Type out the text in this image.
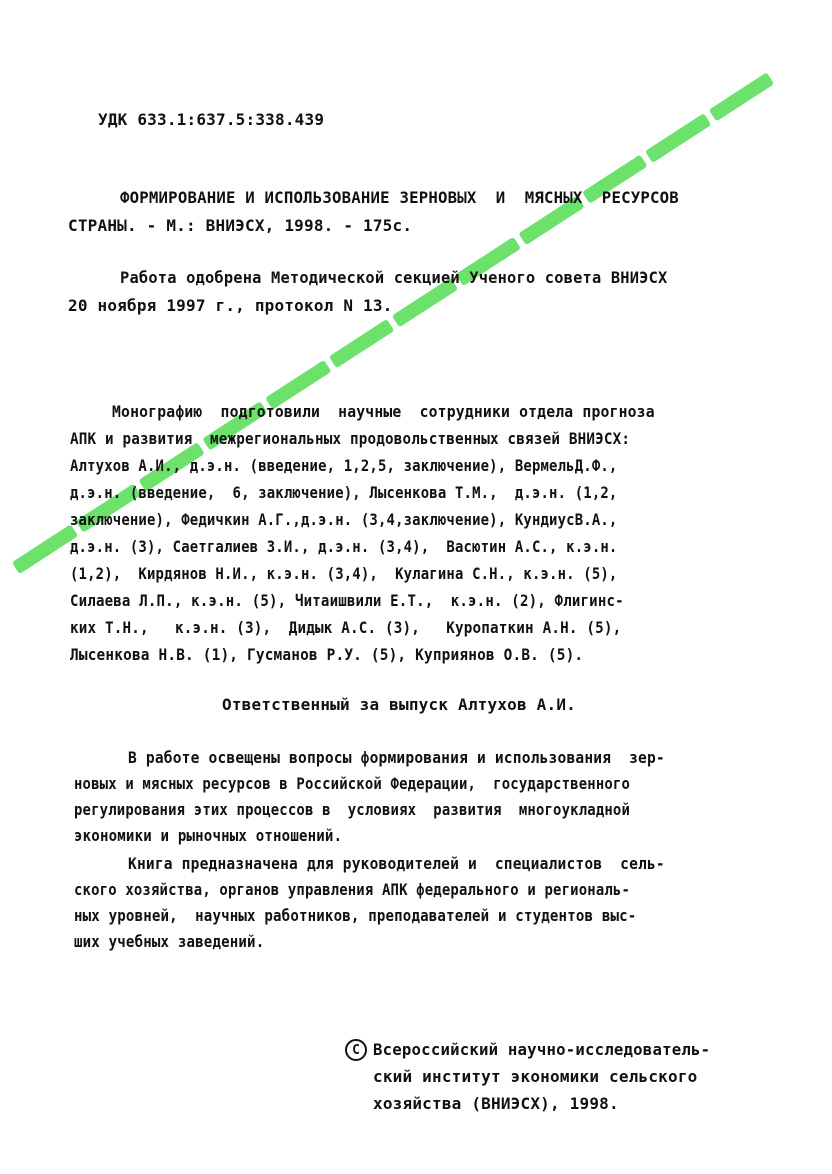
УДК 633.1:637.5:338.439
ФОРМИРОВАНИЕ И ИСПОЛЬЗОВАНИЕ ЗЕРНОВЫХ  И  МЯСНЫХ  РЕСУРСОВ
СТРАНЫ. - М.: ВНИЭСХ, 1998. - 175с.
Работа одобрена Методической секцией Ученого совета ВНИЭСХ
20 ноября 1997 г., протокол N 13.
Монографию  подготовили  научные  сотрудники отдела прогноза
АПК и развития  межрегиональных продовольственных связей ВНИЭСХ:
Алтухов А.И., д.э.н. (введение, 1,2,5, заключение), ВермельД.Ф.,
д.э.н. (введение,  6, заключение), Лысенкова Т.М.,  д.э.н. (1,2,
заключение), Федичкин А.Г.,д.э.н. (3,4,заключение), КундиусВ.А.,
д.э.н. (3), Саетгалиев З.И., д.э.н. (3,4),  Васютин А.С., к.э.н.
(1,2),  Кирдянов Н.И., к.э.н. (3,4),  Кулагина С.Н., к.э.н. (5),
Силаева Л.П., к.э.н. (5), Читаишвили Е.Т.,  к.э.н. (2), Флигинс-
ких Т.Н.,   к.э.н. (3),  Дидык А.С. (3),   Куропаткин А.Н. (5),
Лысенкова Н.В. (1), Гусманов Р.У. (5), Куприянов О.В. (5).
Ответственный за выпуск Алтухов А.И.
В работе освещены вопросы формирования и использования  зер-
новых и мясных ресурсов в Российской Федерации,  государственного
регулирования этих процессов в  условиях  развития  многоукладной
экономики и рыночных отношений.
Книга предназначена для руководителей и  специалистов  сель-
ского хозяйства, органов управления АПК федерального и региональ-
ных уровней,  научных работников, преподавателей и студентов выс-
ших учебных заведений.
C Всероссийский научно-исследователь-
ский институт экономики сельского
хозяйства (ВНИЭСХ), 1998.
